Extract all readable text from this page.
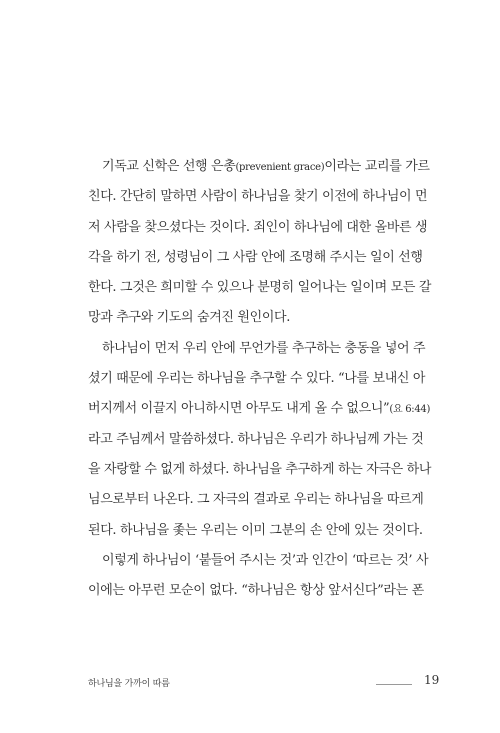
기독교 신학은 선행 은총(prevenient grace)이라는 교리를 가르
친다. 간단히 말하면 사람이 하나님을 찾기 이전에 하나님이 먼
저 사람을 찾으셨다는 것이다. 죄인이 하나님에 대한 올바른 생
각을 하기 전, 성령님이 그 사람 안에 조명해 주시는 일이 선행
한다. 그것은 희미할 수 있으나 분명히 일어나는 일이며 모든 갈
망과 추구와 기도의 숨겨진 원인이다.
하나님이 먼저 우리 안에 무언가를 추구하는 충동을 넣어 주
셨기 때문에 우리는 하나님을 추구할 수 있다. “나를 보내신 아
버지께서 이끌지 아니하시면 아무도 내게 올 수 없으니”(요 6:44)
라고 주님께서 말씀하셨다. 하나님은 우리가 하나님께 가는 것
을 자랑할 수 없게 하셨다. 하나님을 추구하게 하는 자극은 하나
님으로부터 나온다. 그 자극의 결과로 우리는 하나님을 따르게
된다. 하나님을 좇는 우리는 이미 그분의 손 안에 있는 것이다.
이렇게 하나님이 ‘붙들어 주시는 것’과 인간이 ‘따르는 것’ 사
이에는 아무런 모순이 없다. “하나님은 항상 앞서신다”라는 폰
하나님을 가까이 따름	19
